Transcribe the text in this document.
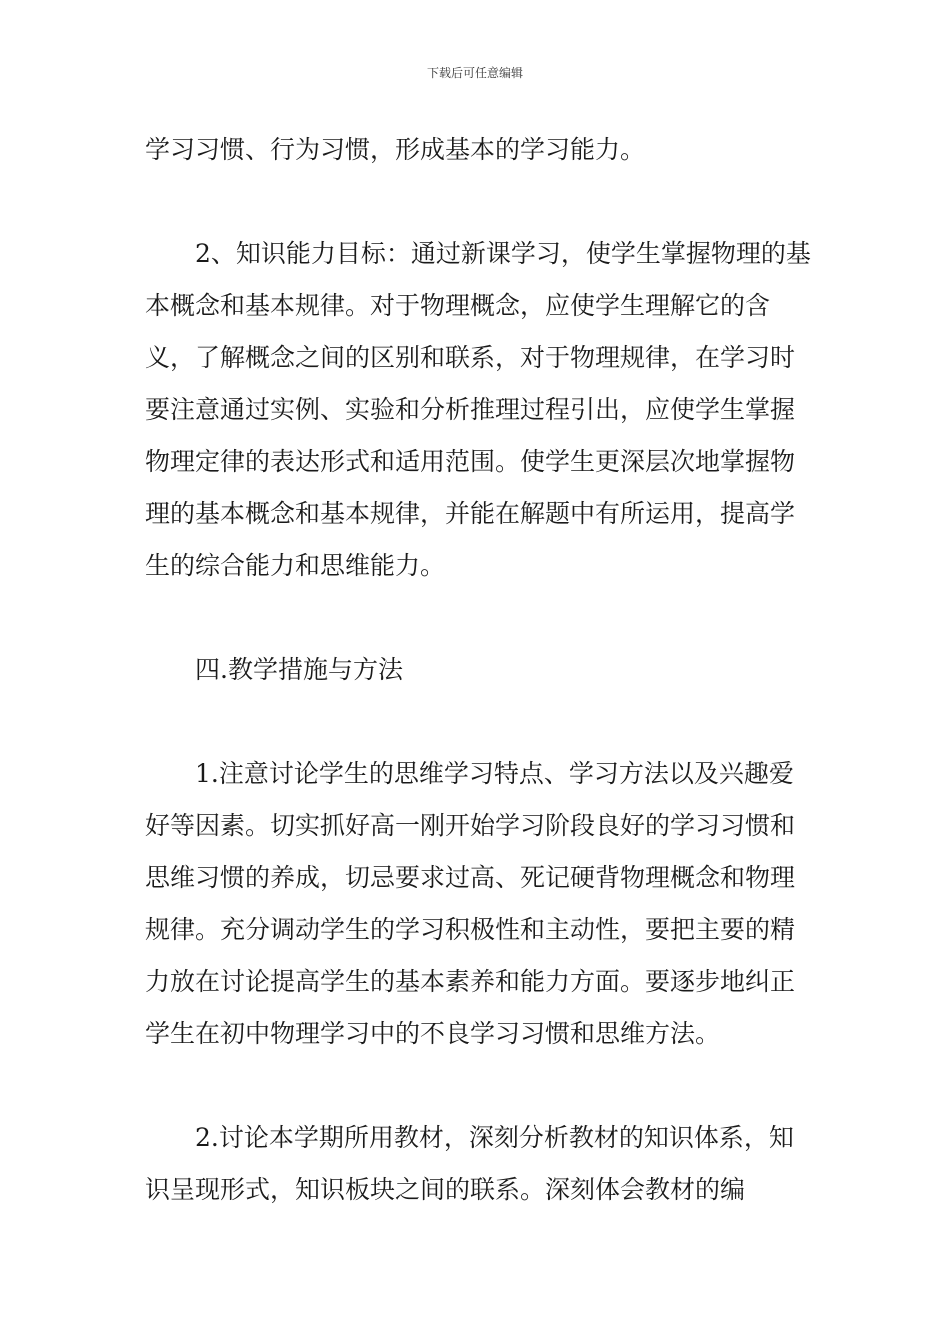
下载后可任意编辑

学习习惯、行为习惯，形成基本的学习能力。

2、知识能力目标：通过新课学习，使学生掌握物理的基本概念和基本规律。对于物理概念，应使学生理解它的含义，了解概念之间的区别和联系，对于物理规律，在学习时要注意通过实例、实验和分析推理过程引出，应使学生掌握物理定律的表达形式和适用范围。使学生更深层次地掌握物理的基本概念和基本规律，并能在解题中有所运用，提高学生的综合能力和思维能力。

四.教学措施与方法

1.注意讨论学生的思维学习特点、学习方法以及兴趣爱好等因素。切实抓好高一刚开始学习阶段良好的学习习惯和思维习惯的养成，切忌要求过高、死记硬背物理概念和物理规律。充分调动学生的学习积极性和主动性，要把主要的精力放在讨论提高学生的基本素养和能力方面。要逐步地纠正学生在初中物理学习中的不良学习习惯和思维方法。

2.讨论本学期所用教材，深刻分析教材的知识体系，知识呈现形式，知识板块之间的联系。深刻体会教材的编
